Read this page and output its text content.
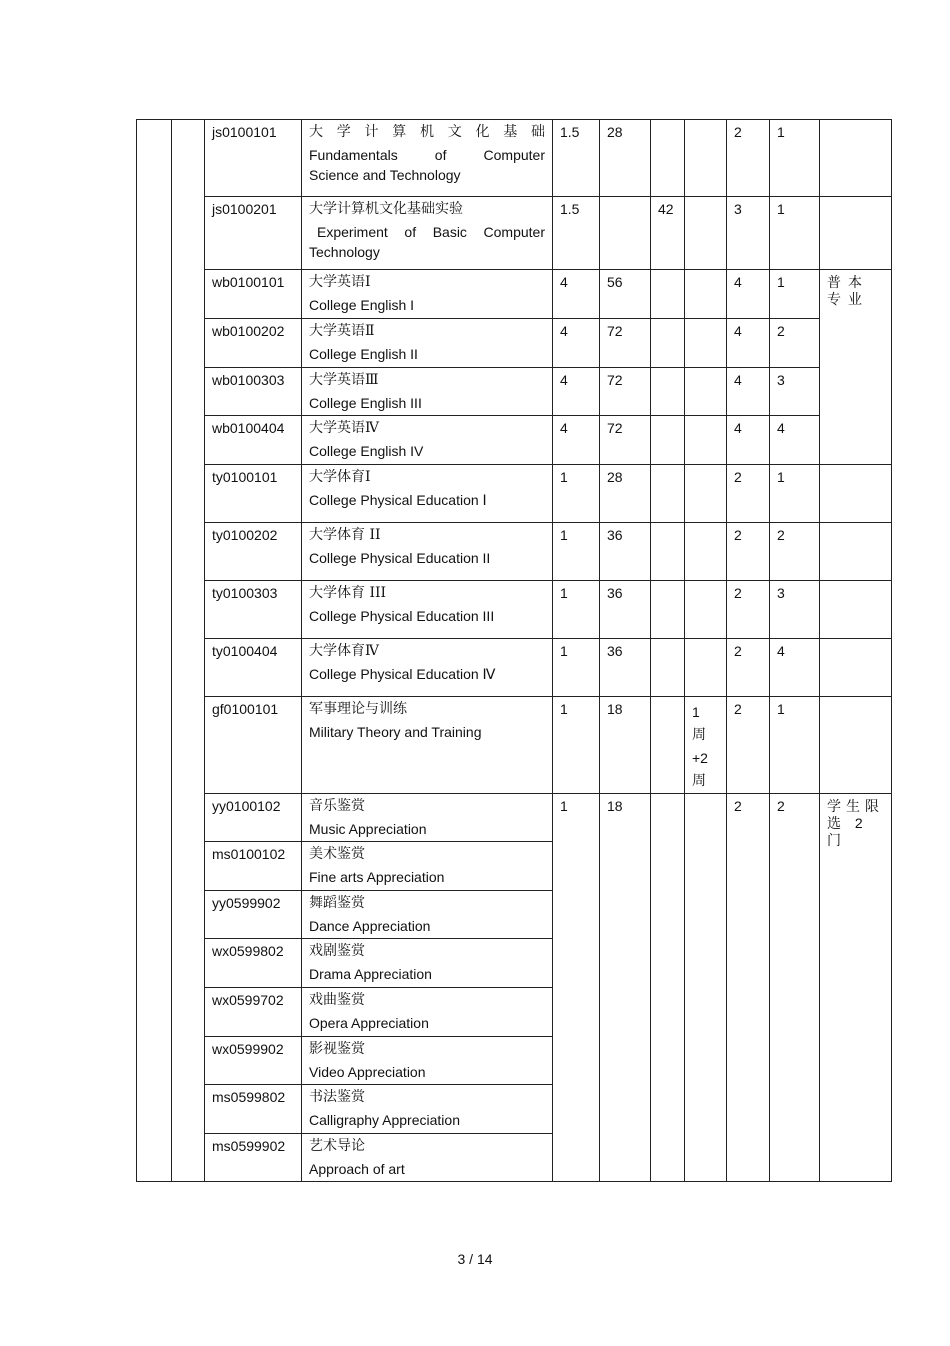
		js0100101	大 学 计 算 机 文 化 基 础
Fundamentals of Computer
Science and Technology	1.5	28			2	1	
		js0100201	大学计算机文化基础实验
Experiment of Basic Computer
Technology	1.5		42		3	1	
		wb0100101	大学英语Ⅰ
College English I	4	56			4	1	普本专业

		wb0100202	大学英语Ⅱ
College English II	4	72			4	2	
		wb0100303	大学英语Ⅲ
College English III	4	72			4	3	
		wb0100404	大学英语Ⅳ
College English IV	4	72			4	4	
		ty0100101	大学体育Ⅰ
College Physical Education Ⅰ	1	28			2	1	
		ty0100202	大学体育 II
College Physical Education II	1	36			2	2	
		ty0100303	大学体育 III
College Physical Education III	1	36			2	3	
		ty0100404	大学体育Ⅳ
College Physical Education Ⅳ	1	36			2	4	
		gf0100101	军事理论与训练
Military Theory and Training	1	18		1周
+2周	2	1	
		yy0100102	音乐鉴赏
Music Appreciation	1	18			2	2	学生限选 2门

		ms0100102	美术鉴赏
Fine arts Appreciation							

		yy0599902	舞蹈鉴赏
Dance Appreciation							

		wx0599802	戏剧鉴赏
Drama Appreciation							

		wx0599702	戏曲鉴赏
Opera Appreciation							

		wx0599902	影视鉴赏
Video Appreciation							

		ms0599802	书法鉴赏
Calligraphy Appreciation							

		ms0599902	艺术导论
Approach of art							
3 / 14
